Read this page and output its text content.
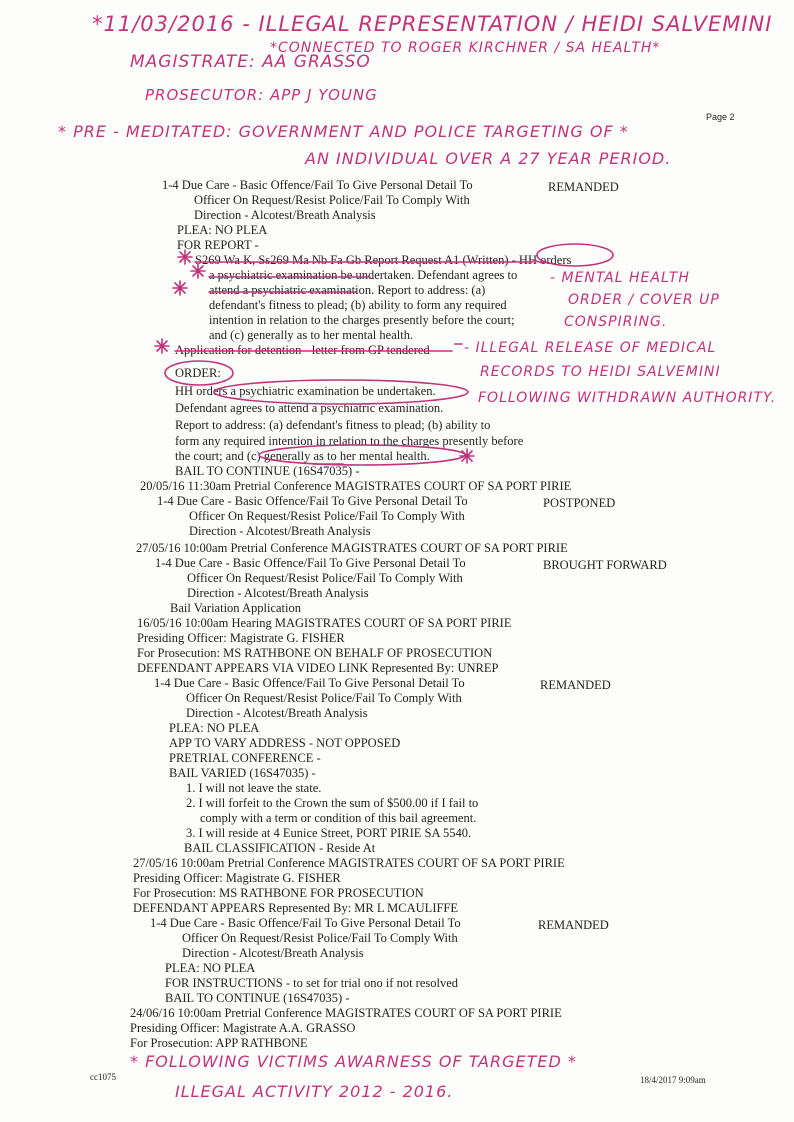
*11/03/2016 - ILLEGAL REPRESENTATION / HEIDI SALVEMINI
*CONNECTED TO ROGER KIRCHNER / SA HEALTH*
MAGISTRATE: AA GRASSO
PROSECUTOR: APP J YOUNG
Page 2
* PRE - MEDITATED: GOVERNMENT AND POLICE TARGETING OF *
AN INDIVIDUAL OVER A 27 YEAR PERIOD.
- MENTAL HEALTH
ORDER / COVER UP
CONSPIRING.
- ILLEGAL RELEASE OF MEDICAL
RECORDS TO HEIDI SALVEMINI
FOLLOWING WITHDRAWN AUTHORITY.
1-4 Due Care - Basic Offence/Fail To Give Personal Detail To
Officer On Request/Resist Police/Fail To Comply With
Direction - Alcotest/Breath Analysis
PLEA: NO PLEA
FOR REPORT -
S269 Wa K, Ss269 Ma Nb Fa Gb Report Request A1 (Written) - HH orders
a psychiatric examination be undertaken. Defendant agrees to
attend a psychiatric examination. Report to address: (a)
defendant's fitness to plead; (b) ability to form any required
intention in relation to the charges presently before the court;
and (c) generally as to her mental health.
Application for detention - letter from GP tendered
ORDER:
HH orders a psychiatric examination be undertaken.
Defendant agrees to attend a psychiatric examination.
Report to address: (a) defendant's fitness to plead; (b) ability to
form any required intention in relation to the charges presently before
the court; and (c) generally as to her mental health.
BAIL TO CONTINUE (16S47035) -
20/05/16 11:30am Pretrial Conference MAGISTRATES COURT OF SA PORT PIRIE
1-4 Due Care - Basic Offence/Fail To Give Personal Detail To
Officer On Request/Resist Police/Fail To Comply With
Direction - Alcotest/Breath Analysis
27/05/16 10:00am Pretrial Conference MAGISTRATES COURT OF SA PORT PIRIE
1-4 Due Care - Basic Offence/Fail To Give Personal Detail To
Officer On Request/Resist Police/Fail To Comply With
Direction - Alcotest/Breath Analysis
Bail Variation Application
16/05/16 10:00am Hearing MAGISTRATES COURT OF SA PORT PIRIE
Presiding Officer: Magistrate G. FISHER
For Prosecution: MS RATHBONE ON BEHALF OF PROSECUTION
DEFENDANT APPEARS VIA VIDEO LINK Represented By: UNREP
1-4 Due Care - Basic Offence/Fail To Give Personal Detail To
Officer On Request/Resist Police/Fail To Comply With
Direction - Alcotest/Breath Analysis
PLEA: NO PLEA
APP TO VARY ADDRESS - NOT OPPOSED
PRETRIAL CONFERENCE -
BAIL VARIED (16S47035) -
1. I will not leave the state.
2. I will forfeit to the Crown the sum of $500.00 if I fail to
comply with a term or condition of this bail agreement.
3. I will reside at 4 Eunice Street, PORT PIRIE SA 5540.
BAIL CLASSIFICATION - Reside At
27/05/16 10:00am Pretrial Conference MAGISTRATES COURT OF SA PORT PIRIE
Presiding Officer: Magistrate G. FISHER
For Prosecution: MS RATHBONE FOR PROSECUTION
DEFENDANT APPEARS Represented By: MR L MCAULIFFE
1-4 Due Care - Basic Offence/Fail To Give Personal Detail To
Officer On Request/Resist Police/Fail To Comply With
Direction - Alcotest/Breath Analysis
PLEA: NO PLEA
FOR INSTRUCTIONS - to set for trial ono if not resolved
BAIL TO CONTINUE (16S47035) -
24/06/16 10:00am Pretrial Conference MAGISTRATES COURT OF SA PORT PIRIE
Presiding Officer: Magistrate A.A. GRASSO
For Prosecution: APP RATHBONE
REMANDED
POSTPONED
BROUGHT FORWARD
REMANDED
REMANDED
cc1075	18/4/2017 9:09am
* FOLLOWING VICTIMS AWARNESS OF TARGETED *
ILLEGAL ACTIVITY 2012 - 2016.
